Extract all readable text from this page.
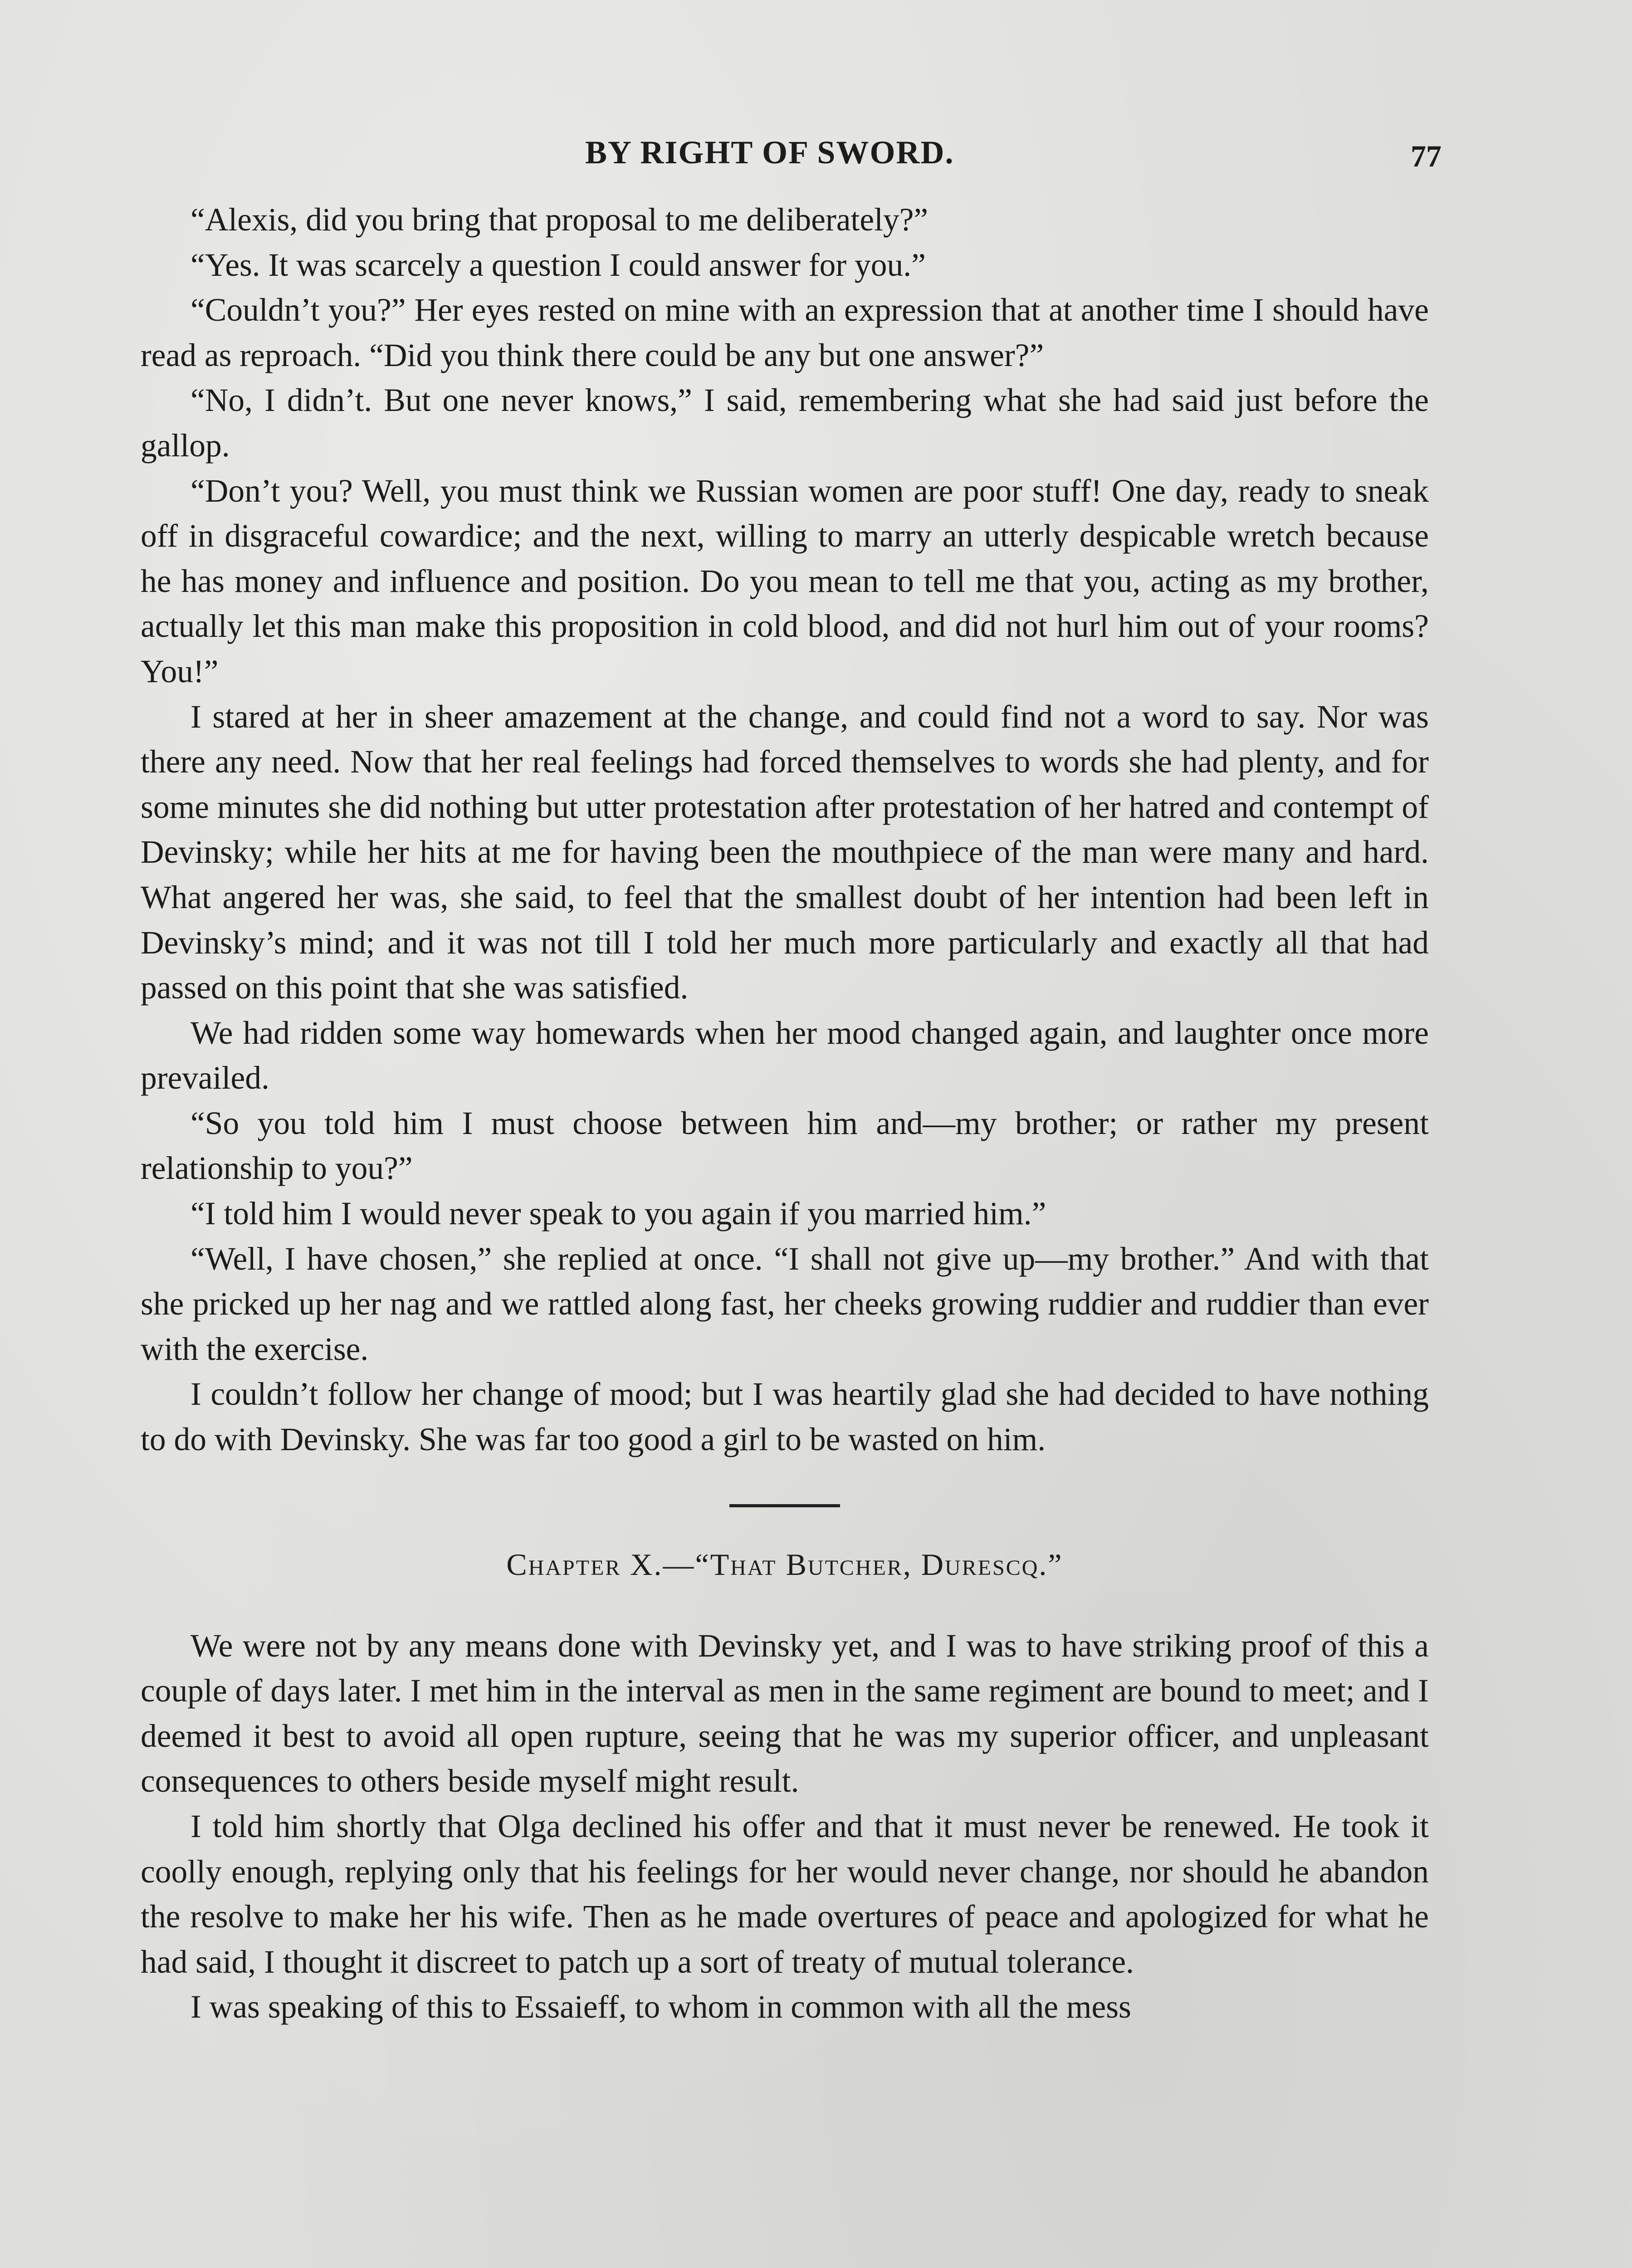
BY RIGHT OF SWORD.	77

“Alexis, did you bring that proposal to me deliberately?”

“Yes. It was scarcely a question I could answer for you.”

“Couldn’t you?” Her eyes rested on mine with an expression that at another time I should have read as reproach. “Did you think there could be any but one answer?”

“No, I didn’t. But one never knows,” I said, remembering what she had said just before the gallop.

“Don’t you? Well, you must think we Russian women are poor stuff! One day, ready to sneak off in disgraceful cowardice; and the next, willing to marry an utterly despicable wretch because he has money and influence and position. Do you mean to tell me that you, acting as my brother, actually let this man make this proposition in cold blood, and did not hurl him out of your rooms? You!”

I stared at her in sheer amazement at the change, and could find not a word to say. Nor was there any need. Now that her real feelings had forced themselves to words she had plenty, and for some minutes she did nothing but utter protestation after protestation of her hatred and contempt of Devinsky; while her hits at me for having been the mouthpiece of the man were many and hard. What angered her was, she said, to feel that the smallest doubt of her intention had been left in Devinsky’s mind; and it was not till I told her much more particularly and exactly all that had passed on this point that she was satisfied.

We had ridden some way homewards when her mood changed again, and laughter once more prevailed.

“So you told him I must choose between him and—my brother; or rather my present relationship to you?”

“I told him I would never speak to you again if you married him.”

“Well, I have chosen,” she replied at once. “I shall not give up—my brother.” And with that she pricked up her nag and we rattled along fast, her cheeks growing ruddier and ruddier than ever with the exercise.

I couldn’t follow her change of mood; but I was heartily glad she had decided to have nothing to do with Devinsky. She was far too good a girl to be wasted on him.

Chapter X.—“That Butcher, Durescq.”

We were not by any means done with Devinsky yet, and I was to have striking proof of this a couple of days later. I met him in the interval as men in the same regiment are bound to meet; and I deemed it best to avoid all open rupture, seeing that he was my superior officer, and unpleasant consequences to others beside myself might result.

I told him shortly that Olga declined his offer and that it must never be renewed. He took it coolly enough, replying only that his feelings for her would never change, nor should he abandon the resolve to make her his wife. Then as he made overtures of peace and apologized for what he had said, I thought it discreet to patch up a sort of treaty of mutual tolerance.

I was speaking of this to Essaieff, to whom in common with all the mess
